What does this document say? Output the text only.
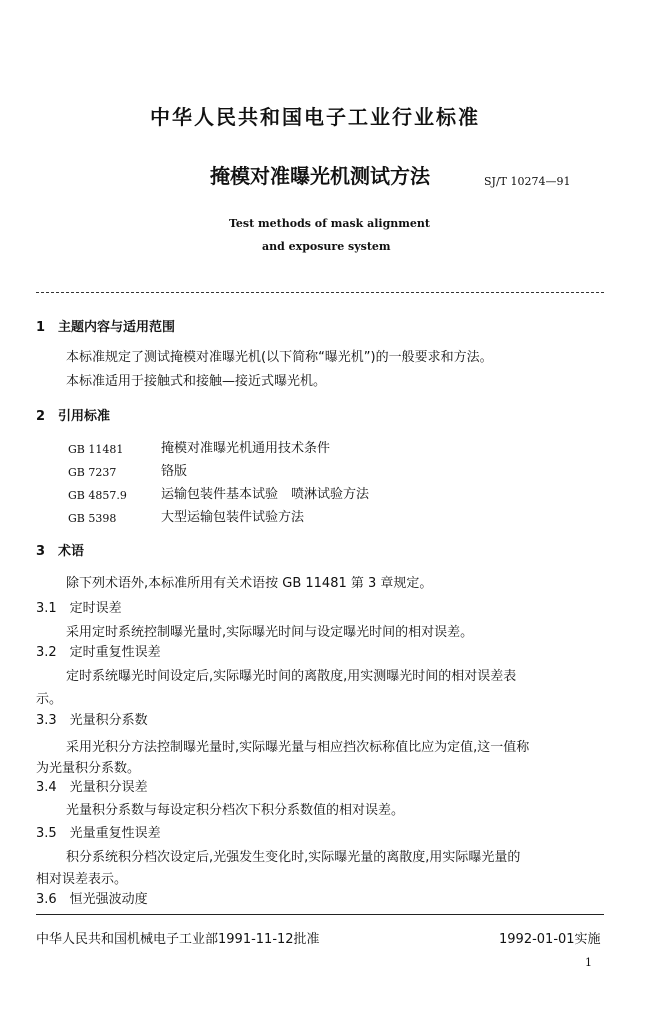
中华人民共和国电子工业行业标准
掩模对准曝光机测试方法	SJ/T 10274—91
Test methods of mask alignment
and exposure system
1　主题内容与适用范围
本标准规定了测试掩模对准曝光机(以下简称“曝光机”)的一般要求和方法。
本标准适用于接触式和接触—接近式曝光机。
2　引用标准
GB 11481	掩模对准曝光机通用技术条件
GB 7237	铬版
GB 4857.9	运输包装件基本试验　喷淋试验方法
GB 5398	大型运输包装件试验方法
3　术语
除下列术语外,本标准所用有关术语按 GB 11481 第 3 章规定。
3.1　定时误差
采用定时系统控制曝光量时,实际曝光时间与设定曝光时间的相对误差。
3.2　定时重复性误差
定时系统曝光时间设定后,实际曝光时间的离散度,用实测曝光时间的相对误差表
示。
3.3　光量积分系数
采用光积分方法控制曝光量时,实际曝光量与相应挡次标称值比应为定值,这一值称
为光量积分系数。
3.4　光量积分误差
光量积分系数与每设定积分档次下积分系数值的相对误差。
3.5　光量重复性误差
积分系统积分档次设定后,光强发生变化时,实际曝光量的离散度,用实际曝光量的
相对误差表示。
3.6　恒光强波动度
中华人民共和国机械电子工业部1991-11-12批准	1992-01-01实施
1
